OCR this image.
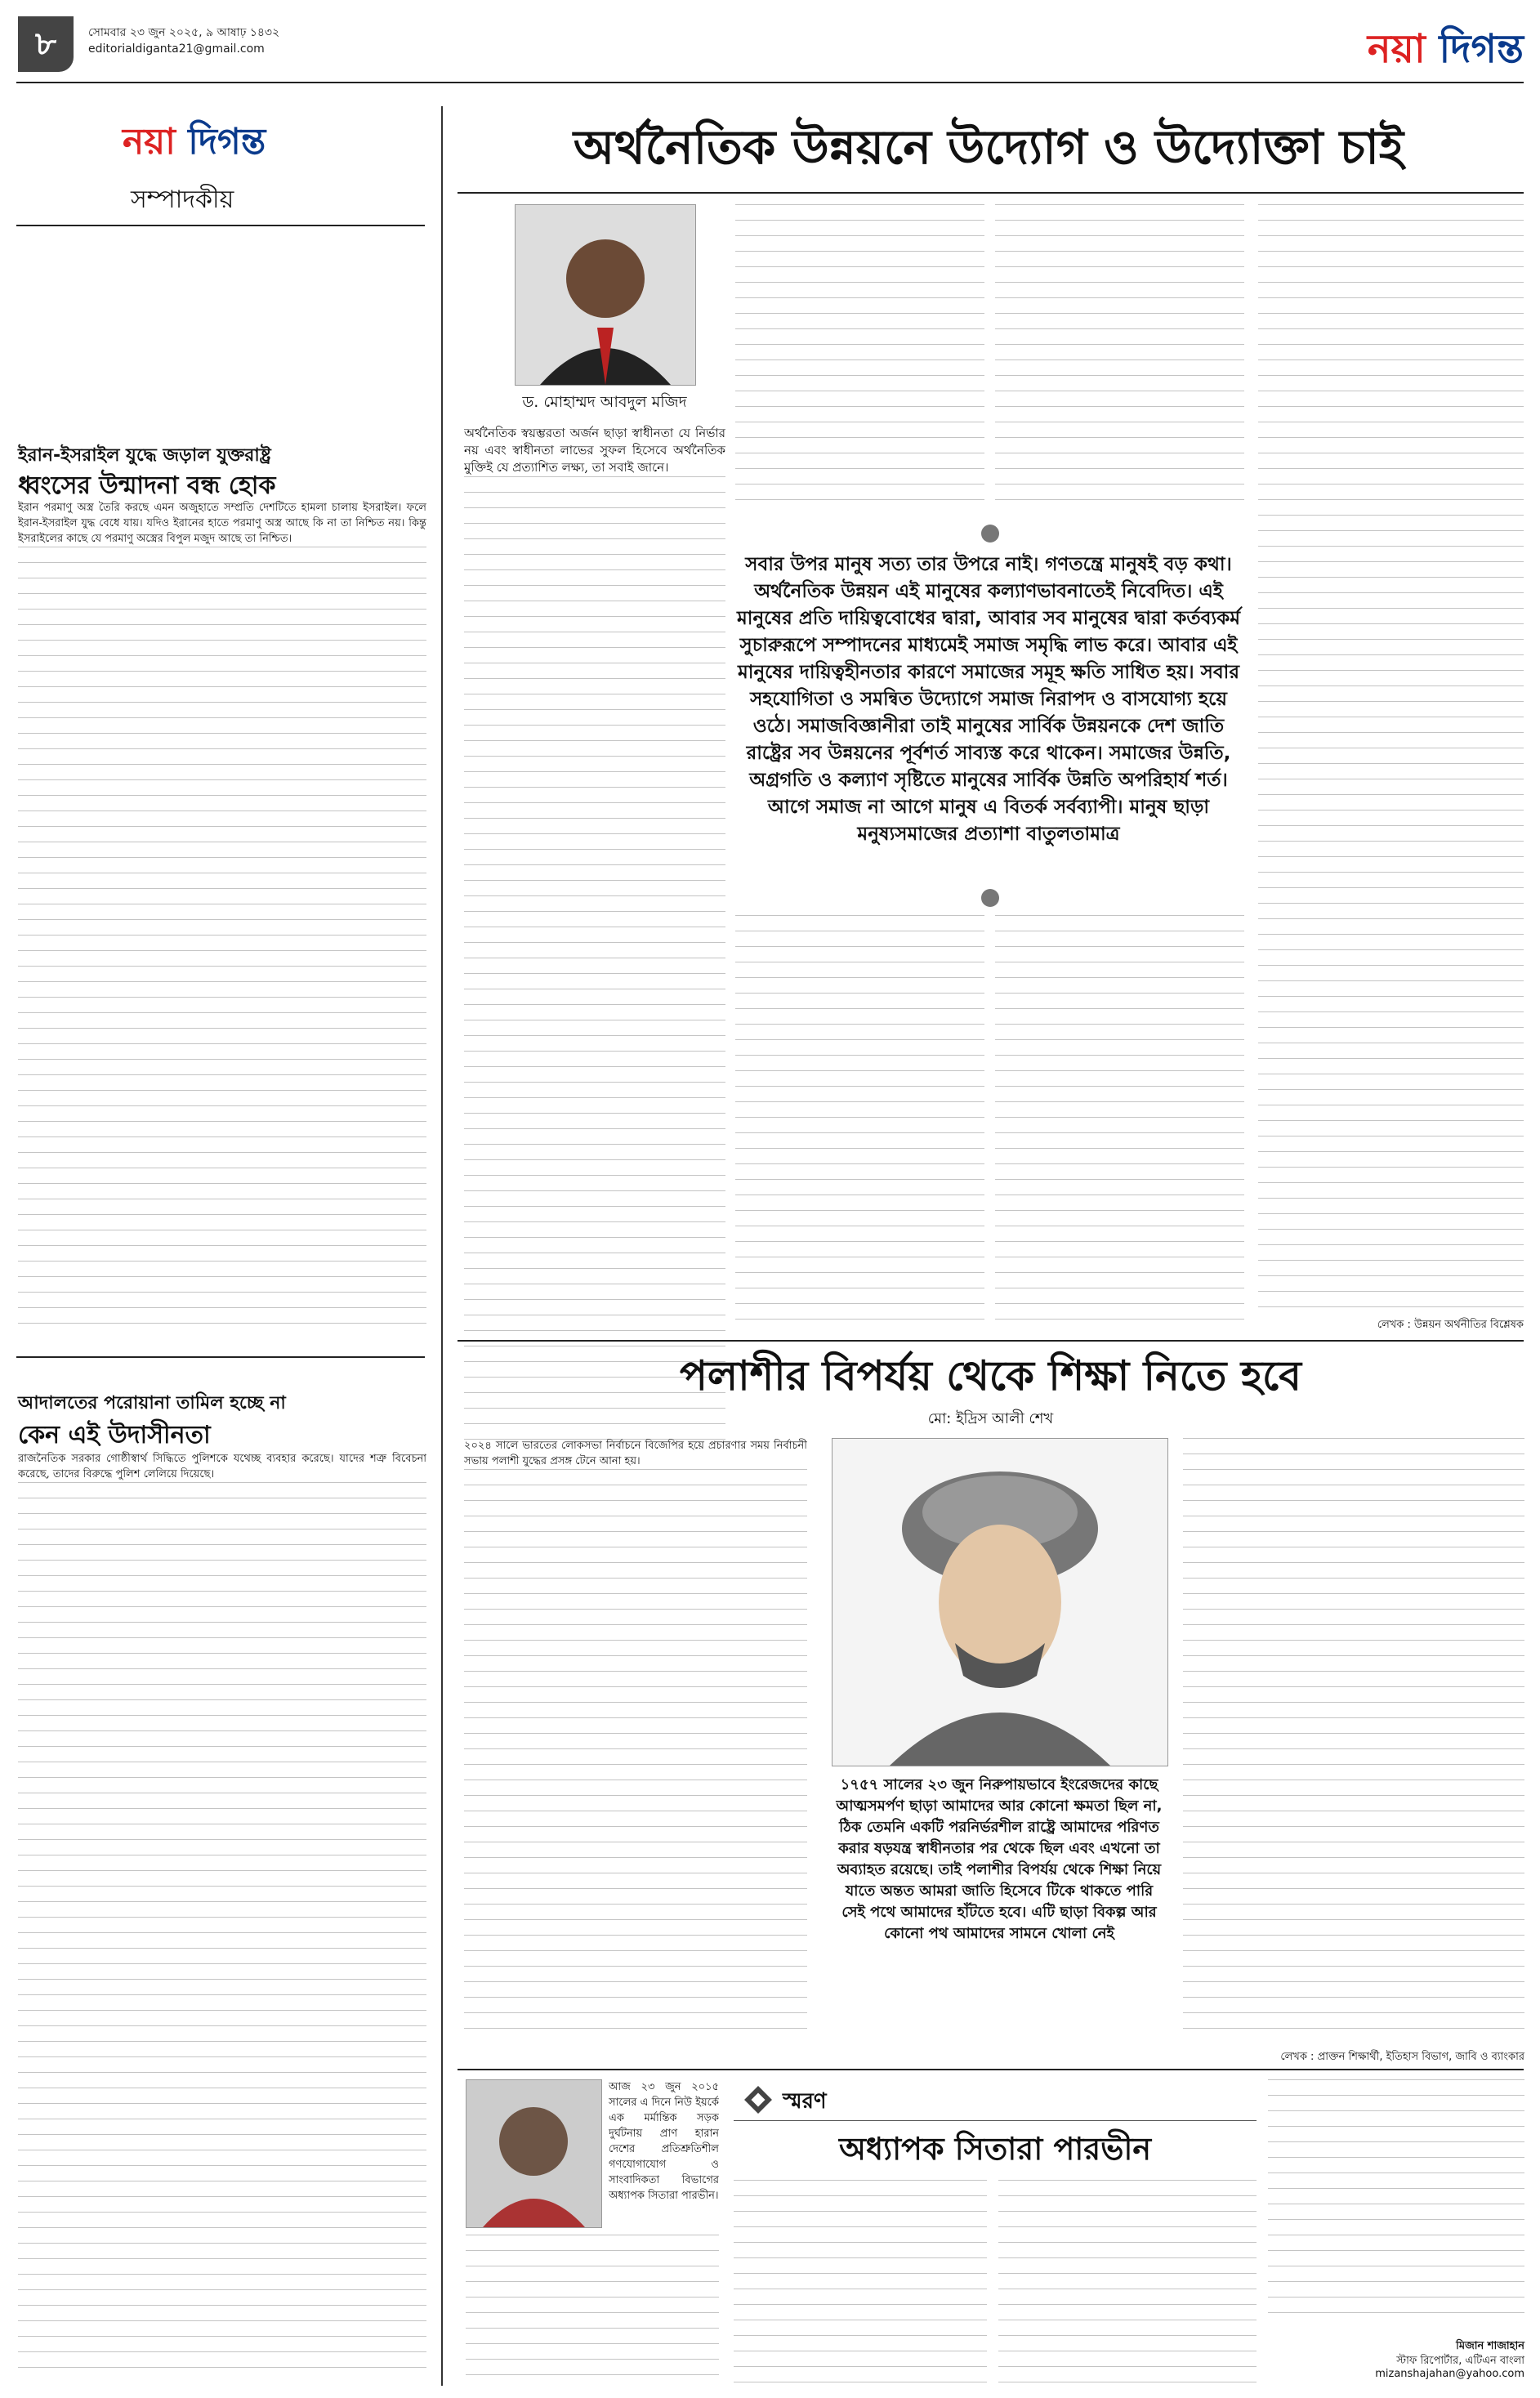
৮	সোমবার ২৩ জুন ২০২৫, ৯ আষাঢ় ১৪৩২
editorialdiganta21@gmail.com	নয়া দিগন্ত
নয়া দিগন্ত
সম্পাদকীয়
ইরান-ইসরাইল যুদ্ধে জড়াল যুক্তরাষ্ট্র
ধ্বংসের উন্মাদনা বন্ধ হোক

ইরান পরমাণু অস্ত্র তৈরি করছে এমন অজুহাতে সম্প্রতি দেশটিতে হামলা চালায় ইসরাইল। ফলে ইরান-ইসরাইল যুদ্ধ বেধে যায়। যদিও ইরানের হাতে পরমাণু অস্ত্র আছে কি না তা নিশ্চিত নয়। কিন্তু ইসরাইলের কাছে যে পরমাণু অস্ত্রের বিপুল মজুদ আছে তা নিশ্চিত।

আদালতের পরোয়ানা তামিল হচ্ছে না
কেন এই উদাসীনতা

রাজনৈতিক সরকার গোষ্ঠীস্বার্থ সিদ্ধিতে পুলিশকে যথেচ্ছ ব্যবহার করেছে। যাদের শত্রু বিবেচনা করেছে, তাদের বিরুদ্ধে পুলিশ লেলিয়ে দিয়েছে।

অর্থনৈতিক উন্নয়নে উদ্যোগ ও উদ্যোক্তা চাই
ড. মোহাম্মদ আবদুল মজিদ

অর্থনৈতিক স্বয়ম্ভরতা অর্জন ছাড়া স্বাধীনতা যে নির্ভার নয় এবং স্বাধীনতা লাভের সুফল হিসেবে অর্থনৈতিক মুক্তিই যে প্রত্যাশিত লক্ষ্য, তা সবাই জানে।

সবার উপর মানুষ সত্য তার উপরে নাই। গণতন্ত্রে মানুষই বড় কথা। অর্থনৈতিক উন্নয়ন এই মানুষের কল্যাণভাবনাতেই নিবেদিত। এই মানুষের প্রতি দায়িত্ববোধের দ্বারা, আবার সব মানুষের দ্বারা কর্তব্যকর্ম সুচারুরূপে সম্পাদনের মাধ্যমেই সমাজ সমৃদ্ধি লাভ করে। আবার এই মানুষের দায়িত্বহীনতার কারণে সমাজের সমূহ ক্ষতি সাধিত হয়। সবার সহযোগিতা ও সমন্বিত উদ্যোগে সমাজ নিরাপদ ও বাসযোগ্য হয়ে ওঠে। সমাজবিজ্ঞানীরা তাই মানুষের সার্বিক উন্নয়নকে দেশ জাতি রাষ্ট্রের সব উন্নয়নের পূর্বশর্ত সাব্যস্ত করে থাকেন। সমাজের উন্নতি, অগ্রগতি ও কল্যাণ সৃষ্টিতে মানুষের সার্বিক উন্নতি অপরিহার্য শর্ত। আগে সমাজ না আগে মানুষ এ বিতর্ক সর্বব্যাপী। মানুষ ছাড়া মনুষ্যসমাজের প্রত্যাশা বাতুলতামাত্র
লেখক : উন্নয়ন অর্থনীতির বিশ্লেষক
পলাশীর বিপর্যয় থেকে শিক্ষা নিতে হবে
মো: ইদ্রিস আলী শেখ

২০২৪ সালে ভারতের লোকসভা নির্বাচনে বিজেপির হয়ে প্রচারণার সময় নির্বাচনী সভায় পলাশী যুদ্ধের প্রসঙ্গ টেনে আনা হয়।

১৭৫৭ সালের ২৩ জুন নিরুপায়ভাবে ইংরেজদের কাছে আত্মসমর্পণ ছাড়া আমাদের আর কোনো ক্ষমতা ছিল না, ঠিক তেমনি একটি পরনির্ভরশীল রাষ্ট্রে আমাদের পরিণত করার ষড়যন্ত্র স্বাধীনতার পর থেকে ছিল এবং এখনো তা অব্যাহত রয়েছে। তাই পলাশীর বিপর্যয় থেকে শিক্ষা নিয়ে যাতে অন্তত আমরা জাতি হিসেবে টিকে থাকতে পারি সেই পথে আমাদের হাঁটতে হবে। এটি ছাড়া বিকল্প আর কোনো পথ আমাদের সামনে খোলা নেই
লেখক : প্রাক্তন শিক্ষার্থী, ইতিহাস বিভাগ, জাবি ও ব্যাংকার

আজ ২৩ জুন ২০১৫ সালের এ দিনে নিউ ইয়র্কে এক মর্মান্তিক সড়ক দুর্ঘটনায় প্রাণ হারান দেশের প্রতিশ্রুতিশীল গণযোগাযোগ ও সাংবাদিকতা বিভাগের অধ্যাপক সিতারা পারভীন।

স্মরণ
অধ্যাপক সিতারা পারভীন
মিজান শাজাহান
স্টাফ রিপোর্টার, এটিএন বাংলা
mizanshajahan@yahoo.com
